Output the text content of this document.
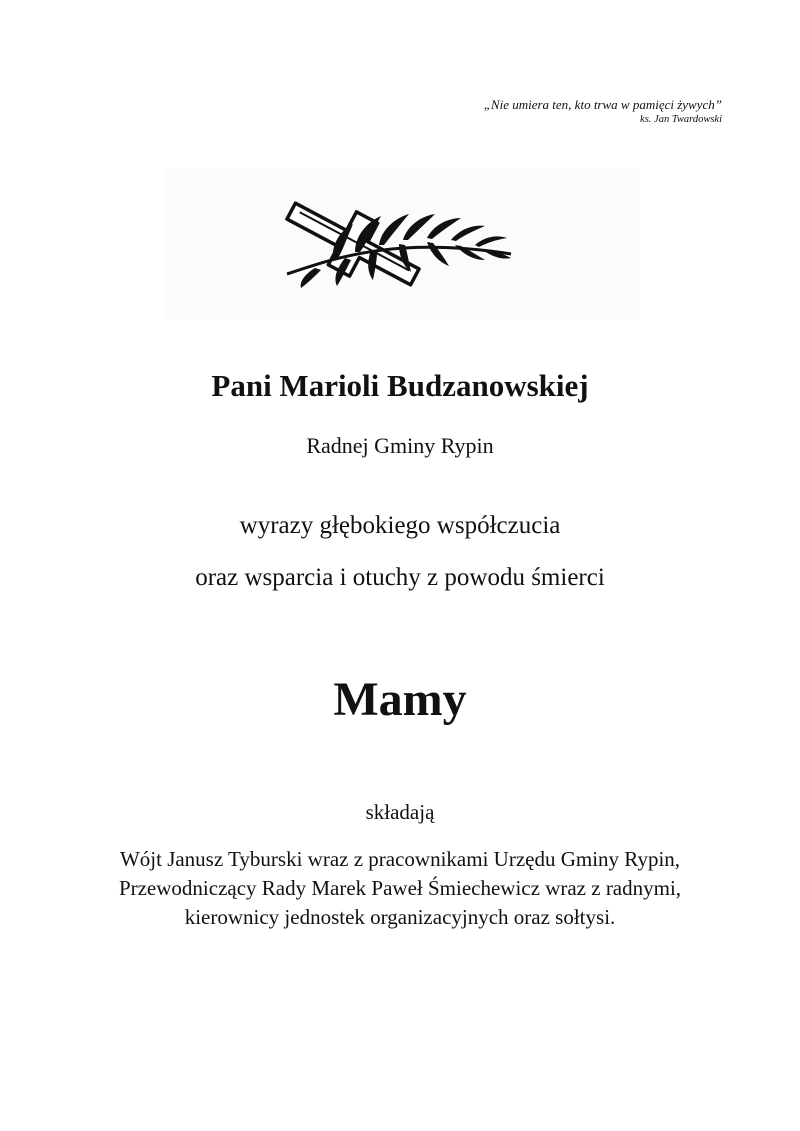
„Nie umiera ten, kto trwa w pamięci żywych”
ks. Jan Twardowski
Pani Marioli Budzanowskiej
Radnej Gminy Rypin
wyrazy głębokiego współczucia
oraz wsparcia i otuchy z powodu śmierci
Mamy
składają
Wójt Janusz Tyburski wraz z pracownikami Urzędu Gminy Rypin,
Przewodniczący Rady Marek Paweł Śmiechewicz wraz z radnymi,
kierownicy jednostek organizacyjnych oraz sołtysi.
